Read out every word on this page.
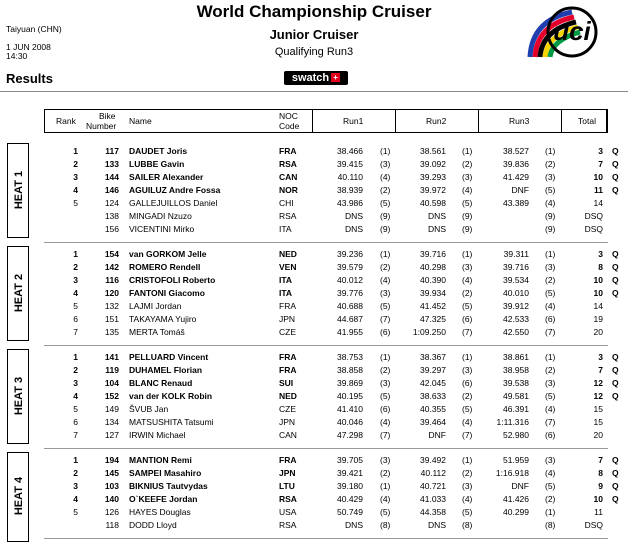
World Championship Cruiser
Junior Cruiser
Qualifying Run3
Taiyuan (CHN)
1 JUN 2008
14:30
Results	swatch +
uci
Rank	Bike
Number Name	NOC
Code	Run1	Run2	Run3	Total
HEAT 1
1	117 DAUDET Joris	FRA	38.466 (1)	38.561 (1)	38.527 (1)	3 Q
2	133 LUBBE Gavin	RSA	39.415 (3)	39.092 (2)	39.836 (2)	7 Q
3	144 SAILER Alexander	CAN	40.110 (4)	39.293 (3)	41.429 (3)	10 Q
4	146 AGUILUZ Andre Fossa	NOR	38.939 (2)	39.972 (4)	DNF (5)	11 Q
5	124 GALLEJUILLOS Daniel	CHI	43.986 (5)	40.598 (5)	43.389 (4)	14
138 MINGADI Nzuzo	RSA	DNS (9)	DNS (9)	(9)	DSQ
156 VICENTINI Mirko	ITA	DNS (9)	DNS (9)	(9)	DSQ
HEAT 2
1	154 van GORKOM Jelle	NED	39.236 (1)	39.716 (1)	39.311 (1)	3 Q
2	142 ROMERO Rendell	VEN	39.579 (2)	40.298 (3)	39.716 (3)	8 Q
3	116 CRISTOFOLI Roberto	ITA	40.012 (4)	40.390 (4)	39.534 (2)	10 Q
4	120 FANTONI Giacomo	ITA	39.776 (3)	39.934 (2)	40.010 (5)	10 Q
5	132 LAJMI Jordan	FRA	40.688 (5)	41.452 (5)	39.912 (4)	14
6	151 TAKAYAMA Yujiro	JPN	44.687 (7)	47.325 (6)	42.533 (6)	19
7	135 MERTA Tomáš	CZE	41.955 (6)	1:09.250 (7)	42.550 (7)	20
HEAT 3
1	141 PELLUARD Vincent	FRA	38.753 (1)	38.367 (1)	38.861 (1)	3 Q
2	119 DUHAMEL Florian	FRA	38.858 (2)	39.297 (3)	38.958 (2)	7 Q
3	104 BLANC Renaud	SUI	39.869 (3)	42.045 (6)	39.538 (3)	12 Q
4	152 van der KOLK Robin	NED	40.195 (5)	38.633 (2)	49.581 (5)	12 Q
5	149 ŠVUB Jan	CZE	41.410 (6)	40.355 (5)	46.391 (4)	15
6	134 MATSUSHITA Tatsumi	JPN	40.046 (4)	39.464 (4)	1:11.316 (7)	15
7	127 IRWIN Michael	CAN	47.298 (7)	DNF (7)	52.980 (6)	20
HEAT 4
1	194 MANTION Remi	FRA	39.705 (3)	39.492 (1)	51.959 (3)	7 Q
2	145 SAMPEI Masahiro	JPN	39.421 (2)	40.112 (2)	1:16.918 (4)	8 Q
3	103 BIKNIUS Tautvydas	LTU	39.180 (1)	40.721 (3)	DNF (5)	9 Q
4	140 O`KEEFE Jordan	RSA	40.429 (4)	41.033 (4)	41.426 (2)	10 Q
5	126 HAYES Douglas	USA	50.749 (5)	44.358 (5)	40.299 (1)	11
118 DODD Lloyd	RSA	DNS (8)	DNS (8)	(8)	DSQ
